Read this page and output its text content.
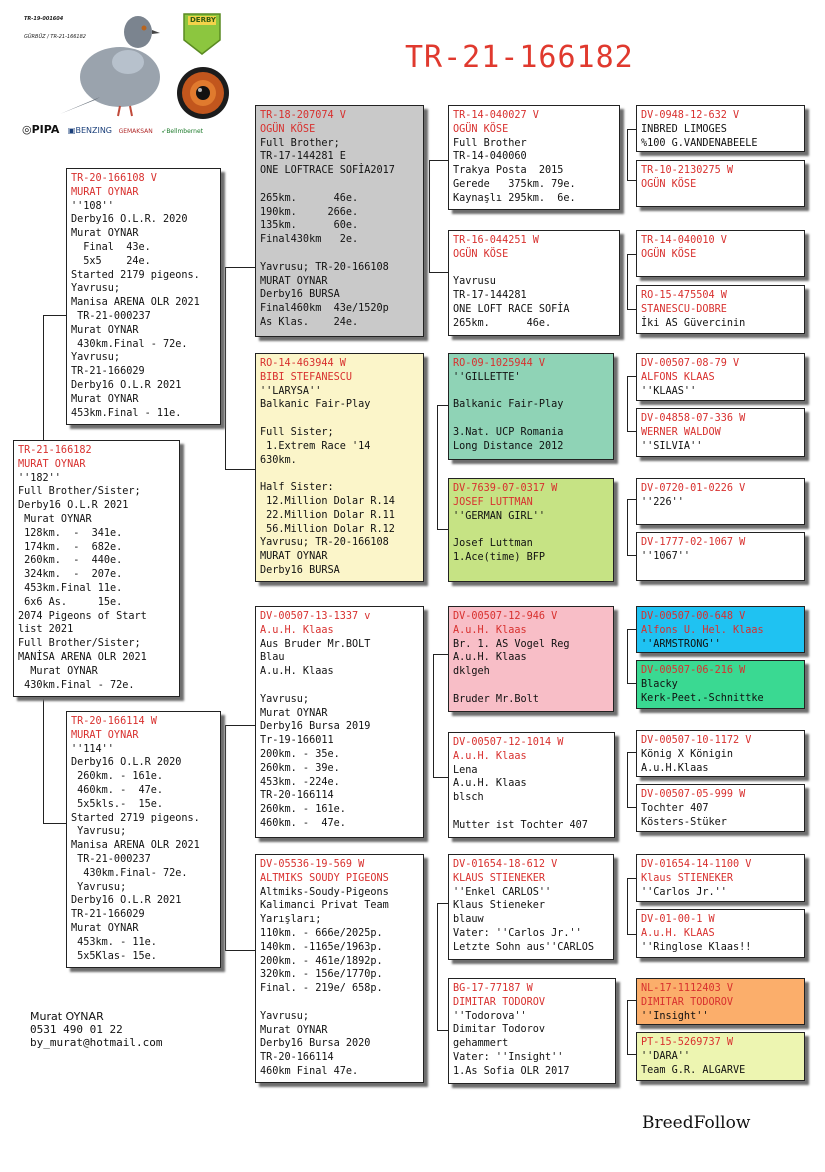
TR-19-001604

GÜRBÜZ / TR-21-166182

DERBY
◎PIPA ▣BENZING GEMAKSAN ➶Bellmbernet
TR-21-166182
TR-21-166182
MURAT OYNAR
''182''
Full Brother/Sister;
Derby16 O.L.R 2021
Murat OYNAR
128km.  -  341e.
174km.  -  682e.
260km.  -  440e.
324km.  -  207e.
453km.Final 11e.
6x6 As.     15e.
2074 Pigeons of Start
list 2021
Full Brother/Sister;
MANİSA ARENA OLR 2021
Murat OYNAR
430km.Final - 72e.
TR-20-166108 V
MURAT OYNAR
''108''
Derby16 O.L.R. 2020
Murat OYNAR
Final  43e.
5x5    24e.
Started 2179 pigeons.
Yavrusu;
Manisa ARENA OLR 2021
TR-21-000237
Murat OYNAR
430km.Final - 72e.
Yavrusu;
TR-21-166029
Derby16 O.L.R 2021
Murat OYNAR
453km.Final - 11e.
TR-20-166114 W
MURAT OYNAR
''114''
Derby16 O.L.R 2020
260km. - 161e.
460km. -  47e.
5x5kls.-  15e.
Started 2719 pigeons.
Yavrusu;
Manisa ARENA OLR 2021
TR-21-000237
430km.Final- 72e.
Yavrusu;
Derby16 O.L.R 2021
TR-21-166029
Murat OYNAR
453km. - 11e.
5x5Klas- 15e.
TR-18-207074 V
OGÜN KÖSE
Full Brother;
TR-17-144281 E
ONE LOFTRACE SOFİA2017

265km.      46e.
190km.     266e.
135km.      60e.
Final430km   2e.

Yavrusu; TR-20-166108
MURAT OYNAR
Derby16 BURSA
Final460km  43e/1520p
As Klas.    24e.
RO-14-463944 W
BIBI STEFANESCU
''LARYSA''
Balkanic Fair-Play

Full Sister;
1.Extrem Race '14
630km.

Half Sister:
12.Million Dolar R.14
22.Million Dolar R.11
56.Million Dolar R.12
Yavrusu; TR-20-166108
MURAT OYNAR
Derby16 BURSA
DV-00507-13-1337 v
A.u.H. Klaas
Aus Bruder Mr.BOLT
Blau
A.u.H. Klaas

Yavrusu;
Murat OYNAR
Derby16 Bursa 2019
Tr-19-166011
200km. - 35e.
260km. - 39e.
453km. -224e.
TR-20-166114
260km. - 161e.
460km. -  47e.
DV-05536-19-569 W
ALTMIKS SOUDY PIGEONS
Altmiks-Soudy-Pigeons
Kalimanci Privat Team
Yarışları;
110km. - 666e/2025p.
140km. -1165e/1963p.
200km. - 461e/1892p.
320km. - 156e/1770p.
Final. - 219e/ 658p.

Yavrusu;
Murat OYNAR
Derby16 Bursa 2020
TR-20-166114
460km Final 47e.
TR-14-040027 V
OGÜN KÖSE
Full Brother
TR-14-040060
Trakya Posta  2015
Gerede   375km. 79e.
Kaynaşlı 295km.  6e.
TR-16-044251 W
OGÜN KÖSE

Yavrusu
TR-17-144281
ONE LOFT RACE SOFİA
265km.      46e.
RO-09-1025944 V
''GILLETTE'

Balkanic Fair-Play

3.Nat. UCP Romania
Long Distance 2012
DV-7639-07-0317 W
JOSEF LUTTMAN
''GERMAN GIRL''

Josef Luttman
1.Ace(time) BFP
DV-00507-12-946 V
A.u.H. Klaas
Br. 1. AS Vogel Reg
A.u.H. Klaas
dklgeh

Bruder Mr.Bolt
DV-00507-12-1014 W
A.u.H. Klaas
Lena
A.u.H. Klaas
blsch

Mutter ist Tochter 407
DV-01654-18-612 V
KLAUS STIENEKER
''Enkel CARLOS''
Klaus Stieneker
blauw
Vater: ''Carlos Jr.''
Letzte Sohn aus''CARLOS
BG-17-77187 W
DIMITAR TODOROV
''Todorova''
Dimitar Todorov
gehammert
Vater: ''Insight''
1.As Sofia OLR 2017
DV-0948-12-632 V
INBRED LIMOGES
%100 G.VANDENABEELE
TR-10-2130275 W
OGÜN KÖSE
TR-14-040010 V
OGÜN KÖSE
RO-15-475504 W
STANESCU-DOBRE
İki AS Güvercinin
DV-00507-08-79 V
ALFONS KLAAS
''KLAAS''
DV-04858-07-336 W
WERNER WALDOW
''SILVIA''
DV-0720-01-0226 V
''226''
DV-1777-02-1067 W
''1067''
DV-00507-00-648 V
Alfons U. Hel. Klaas
''ARMSTRONG''
DV-00507-06-216 W
Blacky
Kerk-Peet.-Schnittke
DV-00507-10-1172 V
König X Königin
A.u.H.Klaas
DV-00507-05-999 W
Tochter 407
Kösters-Stüker
DV-01654-14-1100 V
Klaus STIENEKER
''Carlos Jr.''
DV-01-00-1 W
A.u.H. KLAAS
''Ringlose Klaas!!
NL-17-1112403 V
DIMITAR TODOROV
''Insight''
PT-15-5269737 W
''DARA''
Team G.R. ALGARVE
Murat OYNAR
0531 490 01 22
by_murat@hotmail.com
BreedFollow
